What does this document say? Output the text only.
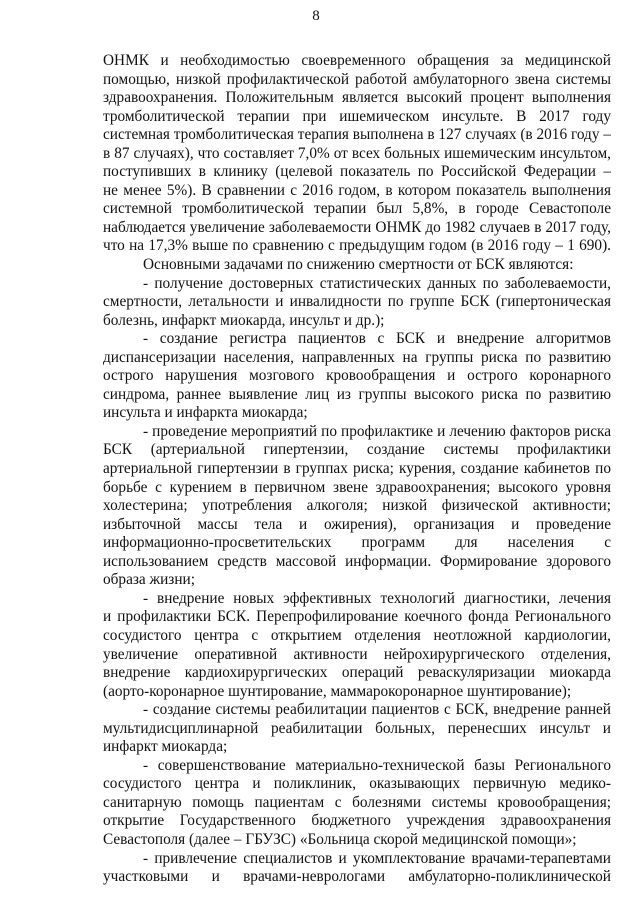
8
ОНМК и необходимостью своевременного обращения за медицинской
помощью, низкой профилактической работой амбулаторного звена системы
здравоохранения. Положительным является высокий процент выполнения
тромболитической терапии при ишемическом инсульте. В 2017 году
системная тромболитическая терапия выполнена в 127 случаях (в 2016 году –
в 87 случаях), что составляет 7,0% от всех больных ишемическим инсультом,
поступивших в клинику (целевой показатель по Российской Федерации –
не менее 5%). В сравнении с 2016 годом, в котором показатель выполнения
системной тромболитической терапии был 5,8%, в городе Севастополе
наблюдается увеличение заболеваемости ОНМК до 1982 случаев в 2017 году,
что на 17,3% выше по сравнению с предыдущим годом (в 2016 году – 1 690).
Основными задачами по снижению смертности от БСК являются:
- получение достоверных статистических данных по заболеваемости,
смертности, летальности и инвалидности по группе БСК (гипертоническая
болезнь, инфаркт миокарда, инсульт и др.);
- создание регистра пациентов с БСК и внедрение алгоритмов
диспансеризации населения, направленных на группы риска по развитию
острого нарушения мозгового кровообращения и острого коронарного
синдрома, раннее выявление лиц из группы высокого риска по развитию
инсульта и инфаркта миокарда;
- проведение мероприятий по профилактике и лечению факторов риска
БСК (артериальной гипертензии, создание системы профилактики
артериальной гипертензии в группах риска; курения, создание кабинетов по
борьбе с курением в первичном звене здравоохранения; высокого уровня
холестерина; употребления алкоголя; низкой физической активности;
избыточной массы тела и ожирения), организация и проведение
информационно-просветительских программ для населения с
использованием средств массовой информации. Формирование здорового
образа жизни;
- внедрение новых эффективных технологий диагностики, лечения
и профилактики БСК. Перепрофилирование коечного фонда Регионального
сосудистого центра с открытием отделения неотложной кардиологии,
увеличение оперативной активности нейрохирургического отделения,
внедрение кардиохирургических операций реваскуляризации миокарда
(аорто-коронарное шунтирование, маммарокоронарное шунтирование);
- создание системы реабилитации пациентов с БСК, внедрение ранней
мультидисциплинарной реабилитации больных, перенесших инсульт и
инфаркт миокарда;
- совершенствование материально-технической базы Регионального
сосудистого центра и поликлиник, оказывающих первичную медико-
санитарную помощь пациентам с болезнями системы кровообращения;
открытие Государственного бюджетного учреждения здравоохранения
Севастополя (далее – ГБУЗС) «Больница скорой медицинской помощи»;
- привлечение специалистов и укомплектование врачами-терапевтами
участковыми и врачами-неврологами амбулаторно-поликлинической
